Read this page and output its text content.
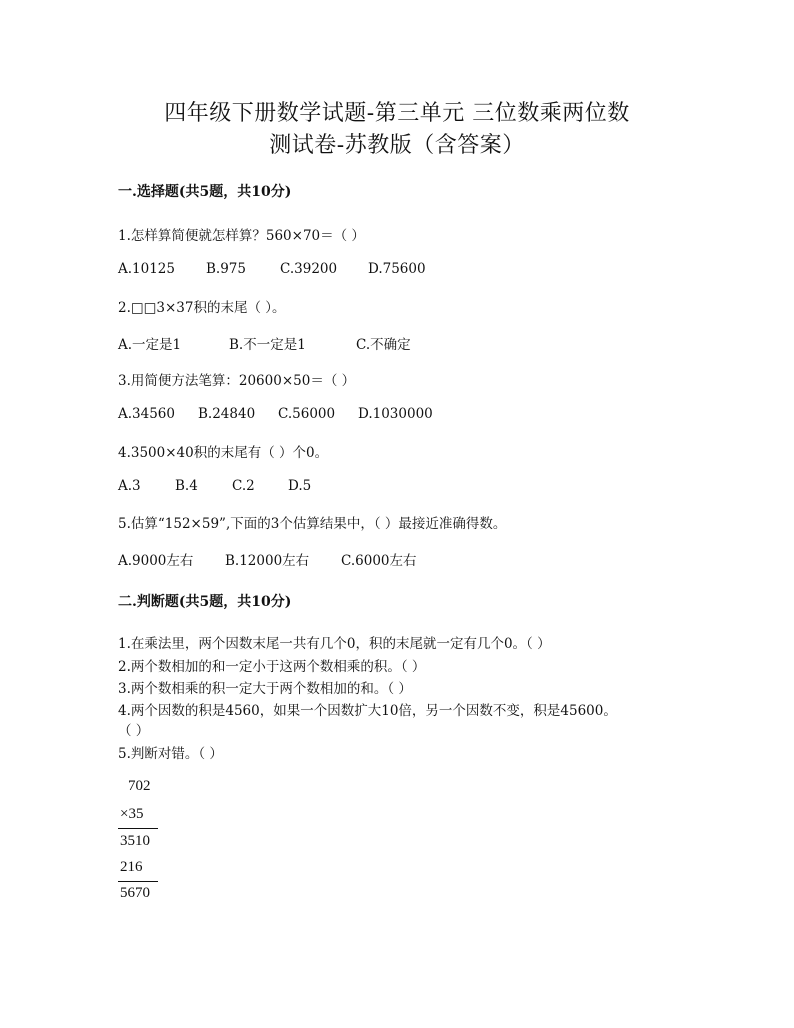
四年级下册数学试题-第三单元 三位数乘两位数
测试卷-苏教版（含答案）
一.选择题(共5题，共10分)
1.怎样算简便就怎样算？560×70＝（ ）
A.10125 B.975	C.39200 D.75600
2.□□3×37积的末尾（ ）。
A.一定是1	B.不一定是1	C.不确定
3.用简便方法笔算：20600×50＝（ ）
A.34560 B.24840 C.56000 D.1030000
4.3500×40积的末尾有（ ）个0。
A.3	B.4	C.2 D.5
5.估算“152×59”,下面的3个估算结果中，（ ）最接近准确得数。
A.9000左右 B.12000左右 C.6000左右
二.判断题(共5题，共10分)
1.在乘法里，两个因数末尾一共有几个0，积的末尾就一定有几个0。（ ）
2.两个数相加的和一定小于这两个数相乘的积。（ ）
3.两个数相乘的积一定大于两个数相加的和。（ ）
4.两个因数的积是4560，如果一个因数扩大10倍，另一个因数不变，积是45600。
（ ）
5.判断对错。（ ）
702
×35
3510
216
5670
